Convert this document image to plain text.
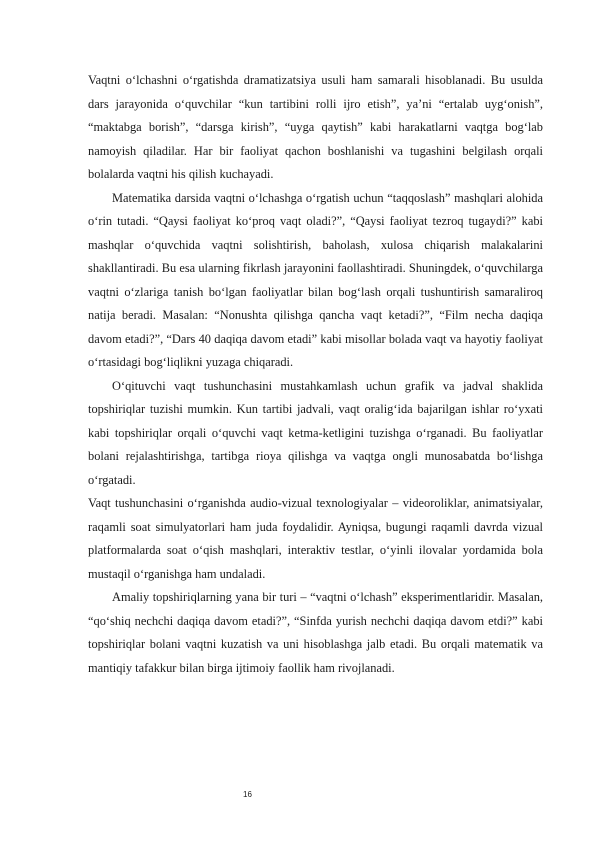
Vaqtni o‘lchashni o‘rgatishda dramatizatsiya usuli ham samarali hisoblanadi. Bu usulda dars jarayonida o‘quvchilar “kun tartibini rolli ijro etish”, ya’ni “ertalab uyg‘onish”, “maktabga borish”, “darsga kirish”, “uyga qaytish” kabi harakatlarni vaqtga bog‘lab namoyish qiladilar. Har bir faoliyat qachon boshlanishi va tugashini belgilash orqali bolalarda vaqtni his qilish kuchayadi.

Matematika darsida vaqtni o‘lchashga o‘rgatish uchun “taqqoslash” mashqlari alohida o‘rin tutadi. “Qaysi faoliyat ko‘proq vaqt oladi?”, “Qaysi faoliyat tezroq tugaydi?” kabi mashqlar o‘quvchida vaqtni solishtirish, baholash, xulosa chiqarish malakalarini shakllantiradi. Bu esa ularning fikrlash jarayonini faollashtiradi. Shuningdek, o‘quvchilarga vaqtni o‘zlariga tanish bo‘lgan faoliyatlar bilan bog‘lash orqali tushuntirish samaraliroq natija beradi. Masalan: “Nonushta qilishga qancha vaqt ketadi?”, “Film necha daqiqa davom etadi?”, “Dars 40 daqiqa davom etadi” kabi misollar bolada vaqt va hayotiy faoliyat o‘rtasidagi bog‘liqlikni yuzaga chiqaradi.

O‘qituvchi vaqt tushunchasini mustahkamlash uchun grafik va jadval shaklida topshiriqlar tuzishi mumkin. Kun tartibi jadvali, vaqt oralig‘ida bajarilgan ishlar ro‘yxati kabi topshiriqlar orqali o‘quvchi vaqt ketma-ketligini tuzishga o‘rganadi. Bu faoliyatlar bolani rejalashtirishga, tartibga rioya qilishga va vaqtga ongli munosabatda bo‘lishga o‘rgatadi.

Vaqt tushunchasini o‘rganishda audio-vizual texnologiyalar – videoroliklar, animatsiyalar, raqamli soat simulyatorlari ham juda foydalidir. Ayniqsa, bugungi raqamli davrda vizual platformalarda soat o‘qish mashqlari, interaktiv testlar, o‘yinli ilovalar yordamida bola mustaqil o‘rganishga ham undaladi.

Amaliy topshiriqlarning yana bir turi – “vaqtni o‘lchash” eksperimentlaridir. Masalan, “qo‘shiq nechchi daqiqa davom etadi?”, “Sinfda yurish nechchi daqiqa davom etdi?” kabi topshiriqlar bolani vaqtni kuzatish va uni hisoblashga jalb etadi. Bu orqali matematik va mantiqiy tafakkur bilan birga ijtimoiy faollik ham rivojlanadi.

16
